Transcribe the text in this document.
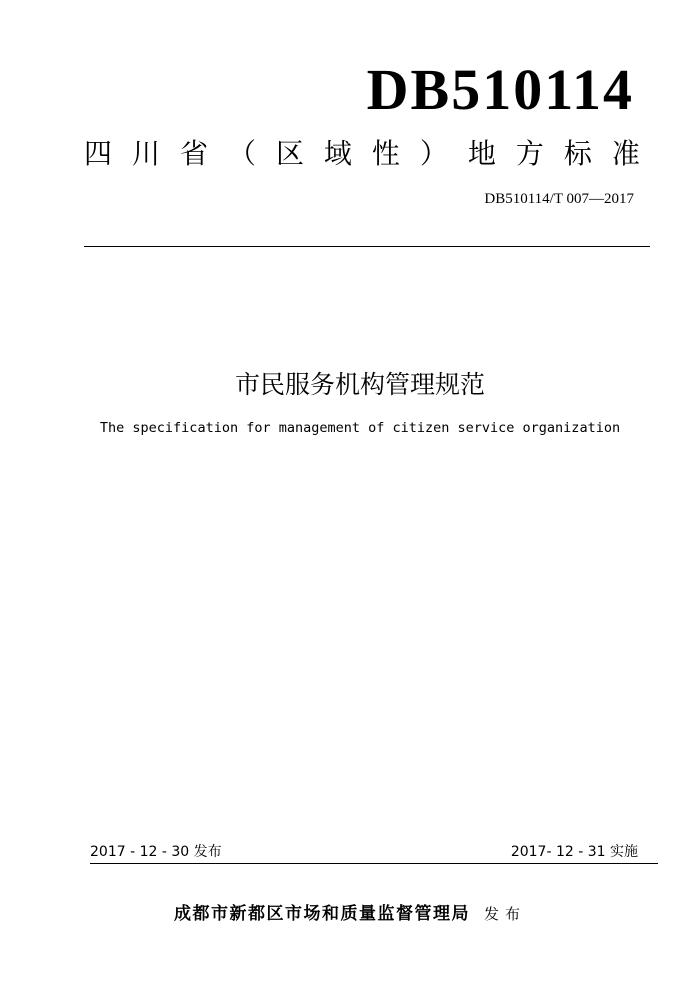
DB510114
四 川 省 （ 区 域 性 ） 地 方 标 准
DB510114/T 007—2017
市民服务机构管理规范
The specification for management of citizen service organization
2017 - 12 - 30 发布	2017- 12 - 31 实施
成都市新都区市场和质量监督管理局 发布
